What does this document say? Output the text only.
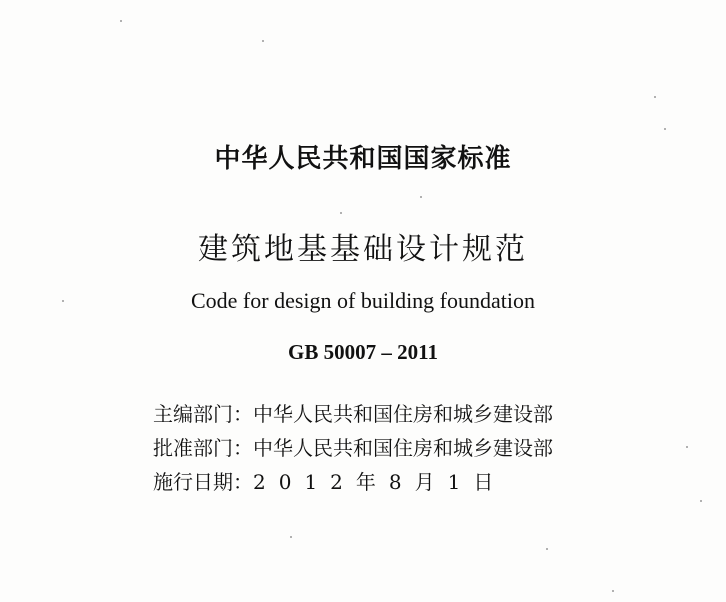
中华人民共和国国家标准
建筑地基基础设计规范
Code for design of building foundation
GB 50007 – 2011
主编部门：中华人民共和国住房和城乡建设部
批准部门：中华人民共和国住房和城乡建设部
施行日期：2012年8月1日
